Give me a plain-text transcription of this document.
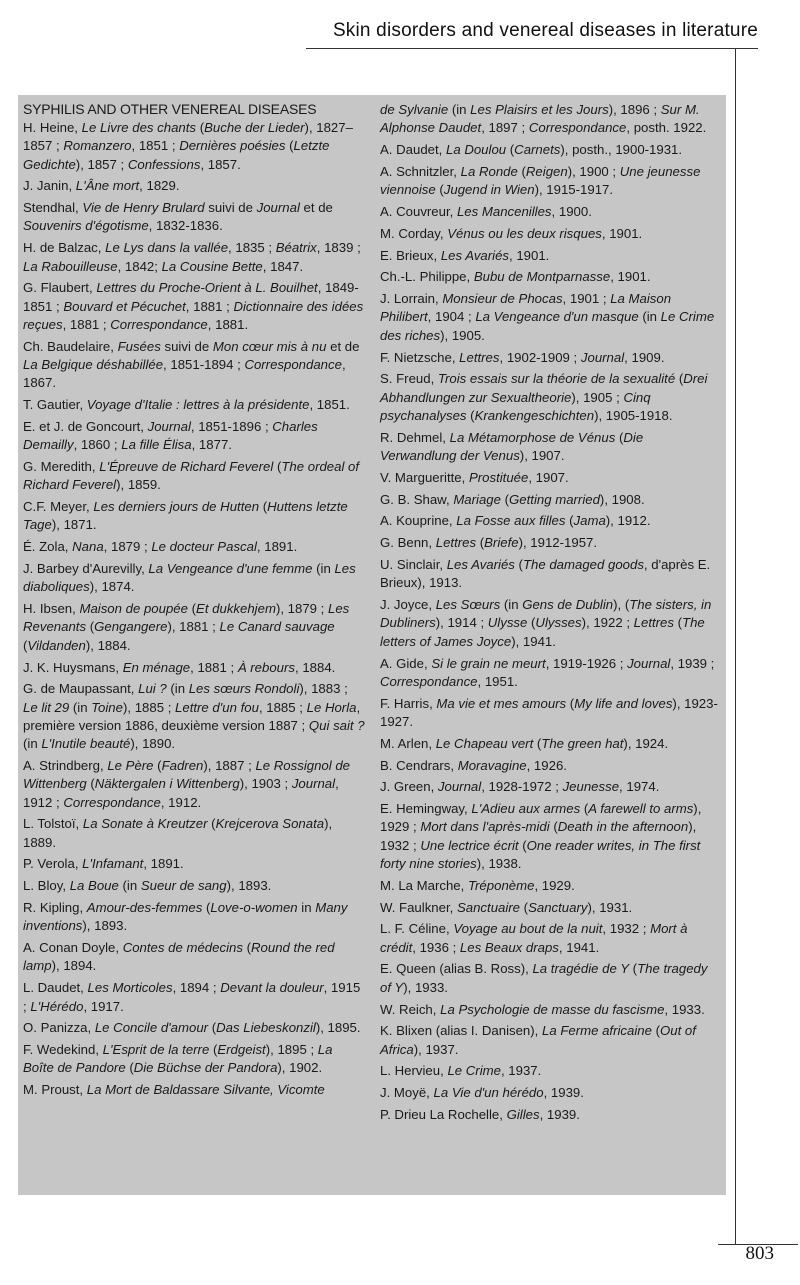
Skin disorders and venereal diseases in literature
803
SYPHILIS AND OTHER VENEREAL DISEASES
H. Heine, Le Livre des chants (Buche der Lieder), 1827–1857 ; Romanzero, 1851 ; Dernières poésies (Letzte Gedichte), 1857 ; Confessions, 1857.
J. Janin, L'Âne mort, 1829.
Stendhal, Vie de Henry Brulard suivi de Journal et de Souvenirs d'égotisme, 1832-1836.
H. de Balzac, Le Lys dans la vallée, 1835 ; Béatrix, 1839 ; La Rabouilleuse, 1842; La Cousine Bette, 1847.
G. Flaubert, Lettres du Proche-Orient à L. Bouilhet, 1849-1851 ; Bouvard et Pécuchet, 1881 ; Dictionnaire des idées reçues, 1881 ; Correspondance, 1881.
Ch. Baudelaire, Fusées suivi de Mon cœur mis à nu et de La Belgique déshabillée, 1851-1894 ; Correspondance, 1867.
T. Gautier, Voyage d'Italie : lettres à la présidente, 1851.
E. et J. de Goncourt, Journal, 1851-1896 ; Charles Demailly, 1860 ; La fille Élisa, 1877.
G. Meredith, L'Épreuve de Richard Feverel (The ordeal of Richard Feverel), 1859.
C.F. Meyer, Les derniers jours de Hutten (Huttens letzte Tage), 1871.
É. Zola, Nana, 1879 ; Le docteur Pascal, 1891.
J. Barbey d'Aurevilly, La Vengeance d'une femme (in Les diaboliques), 1874.
H. Ibsen, Maison de poupée (Et dukkehjem), 1879 ; Les Revenants (Gengangere), 1881 ; Le Canard sauvage (Vildanden), 1884.
J. K. Huysmans, En ménage, 1881 ; À rebours, 1884.
G. de Maupassant, Lui ? (in Les sœurs Rondoli), 1883 ; Le lit 29 (in Toine), 1885 ; Lettre d'un fou, 1885 ; Le Horla, première version 1886, deuxième version 1887 ; Qui sait ? (in L'Inutile beauté), 1890.
A. Strindberg, Le Père (Fadren), 1887 ; Le Rossignol de Wittenberg (Näktergalen i Wittenberg), 1903 ; Journal, 1912 ; Correspondance, 1912.
L. Tolstoï, La Sonate à Kreutzer (Krejcerova Sonata), 1889.
P. Verola, L'Infamant, 1891.
L. Bloy, La Boue (in Sueur de sang), 1893.
R. Kipling, Amour-des-femmes (Love-o-women in Many inventions), 1893.
A. Conan Doyle, Contes de médecins (Round the red lamp), 1894.
L. Daudet, Les Morticoles, 1894 ; Devant la douleur, 1915 ; L'Hérédo, 1917.
O. Panizza, Le Concile d'amour (Das Liebeskonzil), 1895.
F. Wedekind, L'Esprit de la terre (Erdgeist), 1895 ; La Boîte de Pandore (Die Büchse der Pandora), 1902.
M. Proust, La Mort de Baldassare Silvante, Vicomte
de Sylvanie (in Les Plaisirs et les Jours), 1896 ; Sur M. Alphonse Daudet, 1897 ; Correspondance, posth. 1922.
A. Daudet, La Doulou (Carnets), posth., 1900-1931.
A. Schnitzler, La Ronde (Reigen), 1900 ; Une jeunesse viennoise (Jugend in Wien), 1915-1917.
A. Couvreur, Les Mancenilles, 1900.
M. Corday, Vénus ou les deux risques, 1901.
E. Brieux, Les Avariés, 1901.
Ch.-L. Philippe, Bubu de Montparnasse, 1901.
J. Lorrain, Monsieur de Phocas, 1901 ; La Maison Philibert, 1904 ; La Vengeance d'un masque (in Le Crime des riches), 1905.
F. Nietzsche, Lettres, 1902-1909 ; Journal, 1909.
S. Freud, Trois essais sur la théorie de la sexualité (Drei Abhandlungen zur Sexualtheorie), 1905 ; Cinq psychanalyses (Krankengeschichten), 1905-1918.
R. Dehmel, La Métamorphose de Vénus (Die Verwandlung der Venus), 1907.
V. Margueritte, Prostituée, 1907.
G. B. Shaw, Mariage (Getting married), 1908.
A. Kouprine, La Fosse aux filles (Jama), 1912.
G. Benn, Lettres (Briefe), 1912-1957.
U. Sinclair, Les Avariés (The damaged goods, d'après E. Brieux), 1913.
J. Joyce, Les Sœurs (in Gens de Dublin), (The sisters, in Dubliners), 1914 ; Ulysse (Ulysses), 1922 ; Lettres (The letters of James Joyce), 1941.
A. Gide, Si le grain ne meurt, 1919-1926 ; Journal, 1939 ; Correspondance, 1951.
F. Harris, Ma vie et mes amours (My life and loves), 1923-1927.
M. Arlen, Le Chapeau vert (The green hat), 1924.
B. Cendrars, Moravagine, 1926.
J. Green, Journal, 1928-1972 ; Jeunesse, 1974.
E. Hemingway, L'Adieu aux armes (A farewell to arms), 1929 ; Mort dans l'après-midi (Death in the afternoon), 1932 ; Une lectrice écrit (One reader writes, in The first forty nine stories), 1938.
M. La Marche, Tréponème, 1929.
W. Faulkner, Sanctuaire (Sanctuary), 1931.
L. F. Céline, Voyage au bout de la nuit, 1932 ; Mort à crédit, 1936 ; Les Beaux draps, 1941.
E. Queen (alias B. Ross), La tragédie de Y (The tragedy of Y), 1933.
W. Reich, La Psychologie de masse du fascisme, 1933.
K. Blixen (alias I. Danisen), La Ferme africaine (Out of Africa), 1937.
L. Hervieu, Le Crime, 1937.
J. Moyë, La Vie d'un hérédo, 1939.
P. Drieu La Rochelle, Gilles, 1939.
